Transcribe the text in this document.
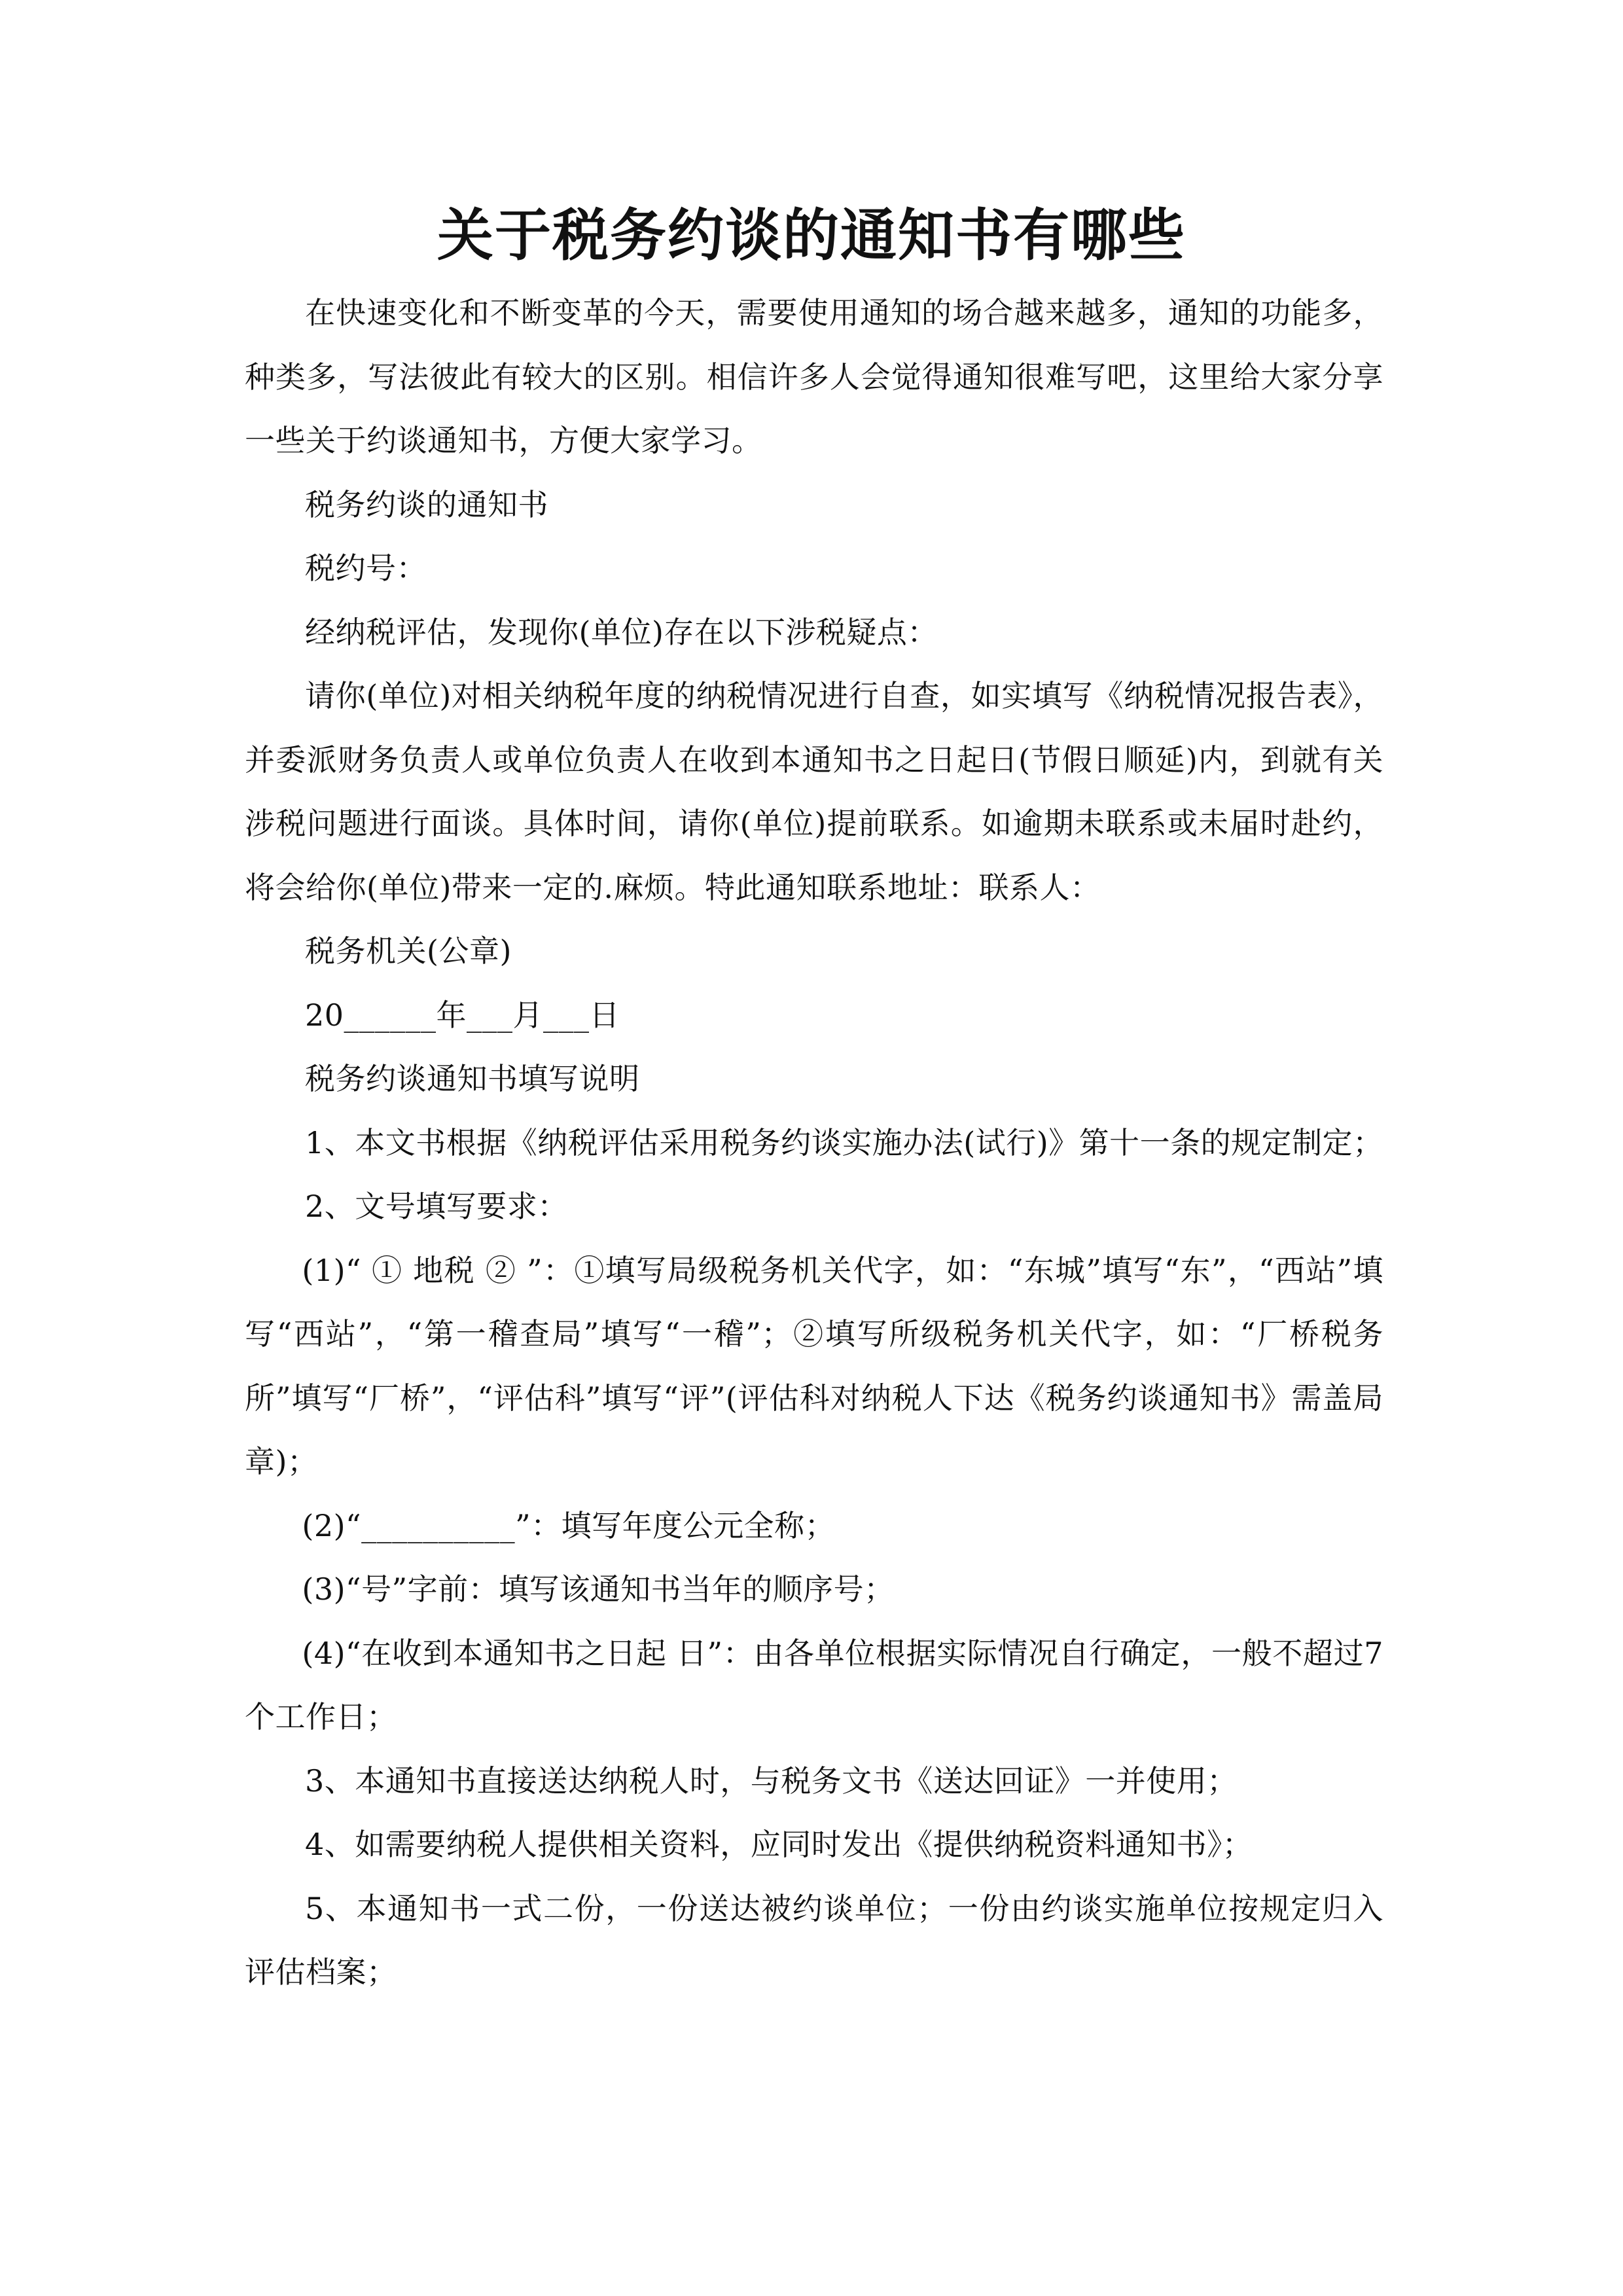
关于税务约谈的通知书有哪些

在快速变化和不断变革的今天，需要使用通知的场合越来越多，通知的功能多，种类多，写法彼此有较大的区别。相信许多人会觉得通知很难写吧，这里给大家分享一些关于约谈通知书，方便大家学习。

税务约谈的通知书

税约号：

经纳税评估，发现你(单位)存在以下涉税疑点：

请你(单位)对相关纳税年度的纳税情况进行自查，如实填写《纳税情况报告表》，并委派财务负责人或单位负责人在收到本通知书之日起日(节假日顺延)内，到就有关涉税问题进行面谈。具体时间，请你(单位)提前联系。如逾期未联系或未届时赴约，将会给你(单位)带来一定的.麻烦。特此通知联系地址：联系人：

税务机关(公章)

20______年___月___日

税务约谈通知书填写说明

1、本文书根据《纳税评估采用税务约谈实施办法(试行)》第十一条的规定制定；

2、文号填写要求：

(1)“ ① 地税 ② ”：①填写局级税务机关代字，如：“东城”填写“东”，“西站”填写“西站”，“第一稽查局”填写“一稽”；②填写所级税务机关代字，如：“厂桥税务所”填写“厂桥”，“评估科”填写“评”(评估科对纳税人下达《税务约谈通知书》需盖局章)；

(2)“__________”：填写年度公元全称；

(3)“号”字前：填写该通知书当年的顺序号；

(4)“在收到本通知书之日起 日”：由各单位根据实际情况自行确定，一般不超过7个工作日；

3、本通知书直接送达纳税人时，与税务文书《送达回证》一并使用；

4、如需要纳税人提供相关资料，应同时发出《提供纳税资料通知书》；

5、本通知书一式二份，一份送达被约谈单位；一份由约谈实施单位按规定归入评估档案；
